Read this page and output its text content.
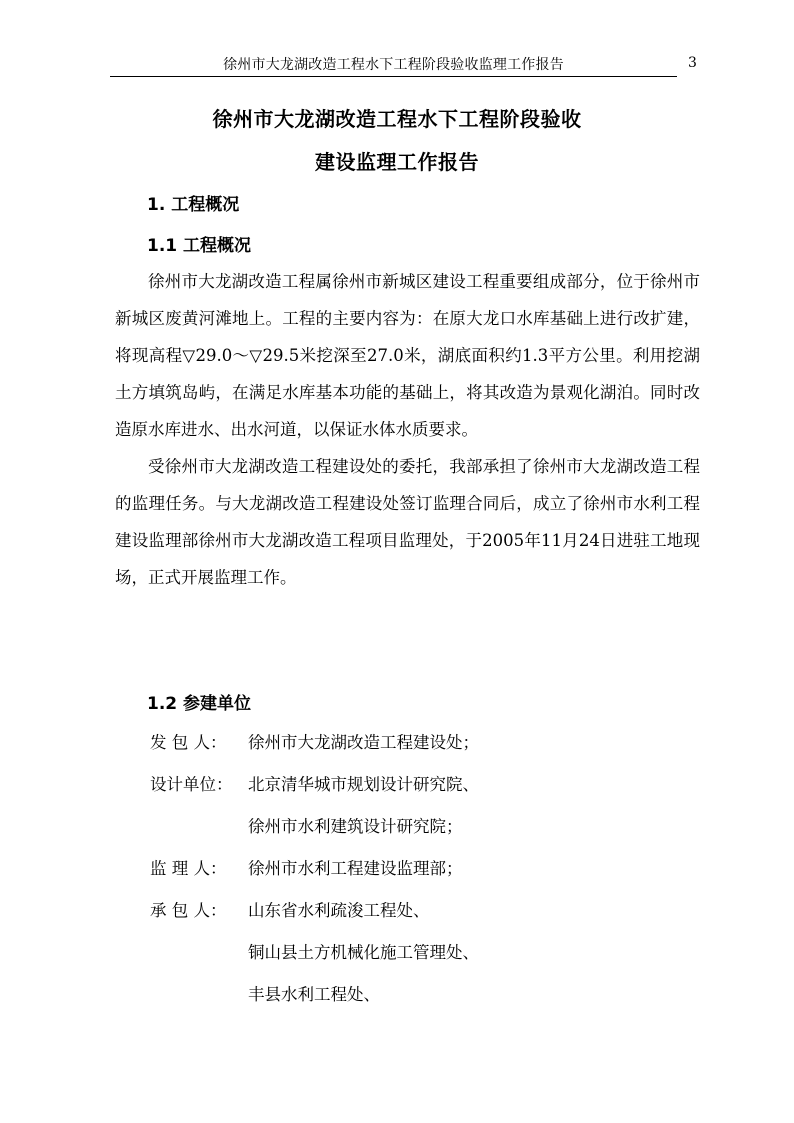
徐州市大龙湖改造工程水下工程阶段验收监理工作报告	3
徐州市大龙湖改造工程水下工程阶段验收
建设监理工作报告
1. 工程概况
1.1 工程概况

徐州市大龙湖改造工程属徐州市新城区建设工程重要组成部分，位于徐州市新城区废黄河滩地上。工程的主要内容为：在原大龙口水库基础上进行改扩建，将现高程▽29.0～▽29.5米挖深至27.0米，湖底面积约1.3平方公里。利用挖湖土方填筑岛屿，在满足水库基本功能的基础上，将其改造为景观化湖泊。同时改造原水库进水、出水河道，以保证水体水质要求。

受徐州市大龙湖改造工程建设处的委托，我部承担了徐州市大龙湖改造工程的监理任务。与大龙湖改造工程建设处签订监理合同后，成立了徐州市水利工程建设监理部徐州市大龙湖改造工程项目监理处，于2005年11月24日进驻工地现场，正式开展监理工作。

1.2 参建单位
发 包 人： 徐州市大龙湖改造工程建设处；
设计单位： 北京清华城市规划设计研究院、
徐州市水利建筑设计研究院；
监 理 人： 徐州市水利工程建设监理部；
承 包 人： 山东省水利疏浚工程处、
铜山县土方机械化施工管理处、
丰县水利工程处、
